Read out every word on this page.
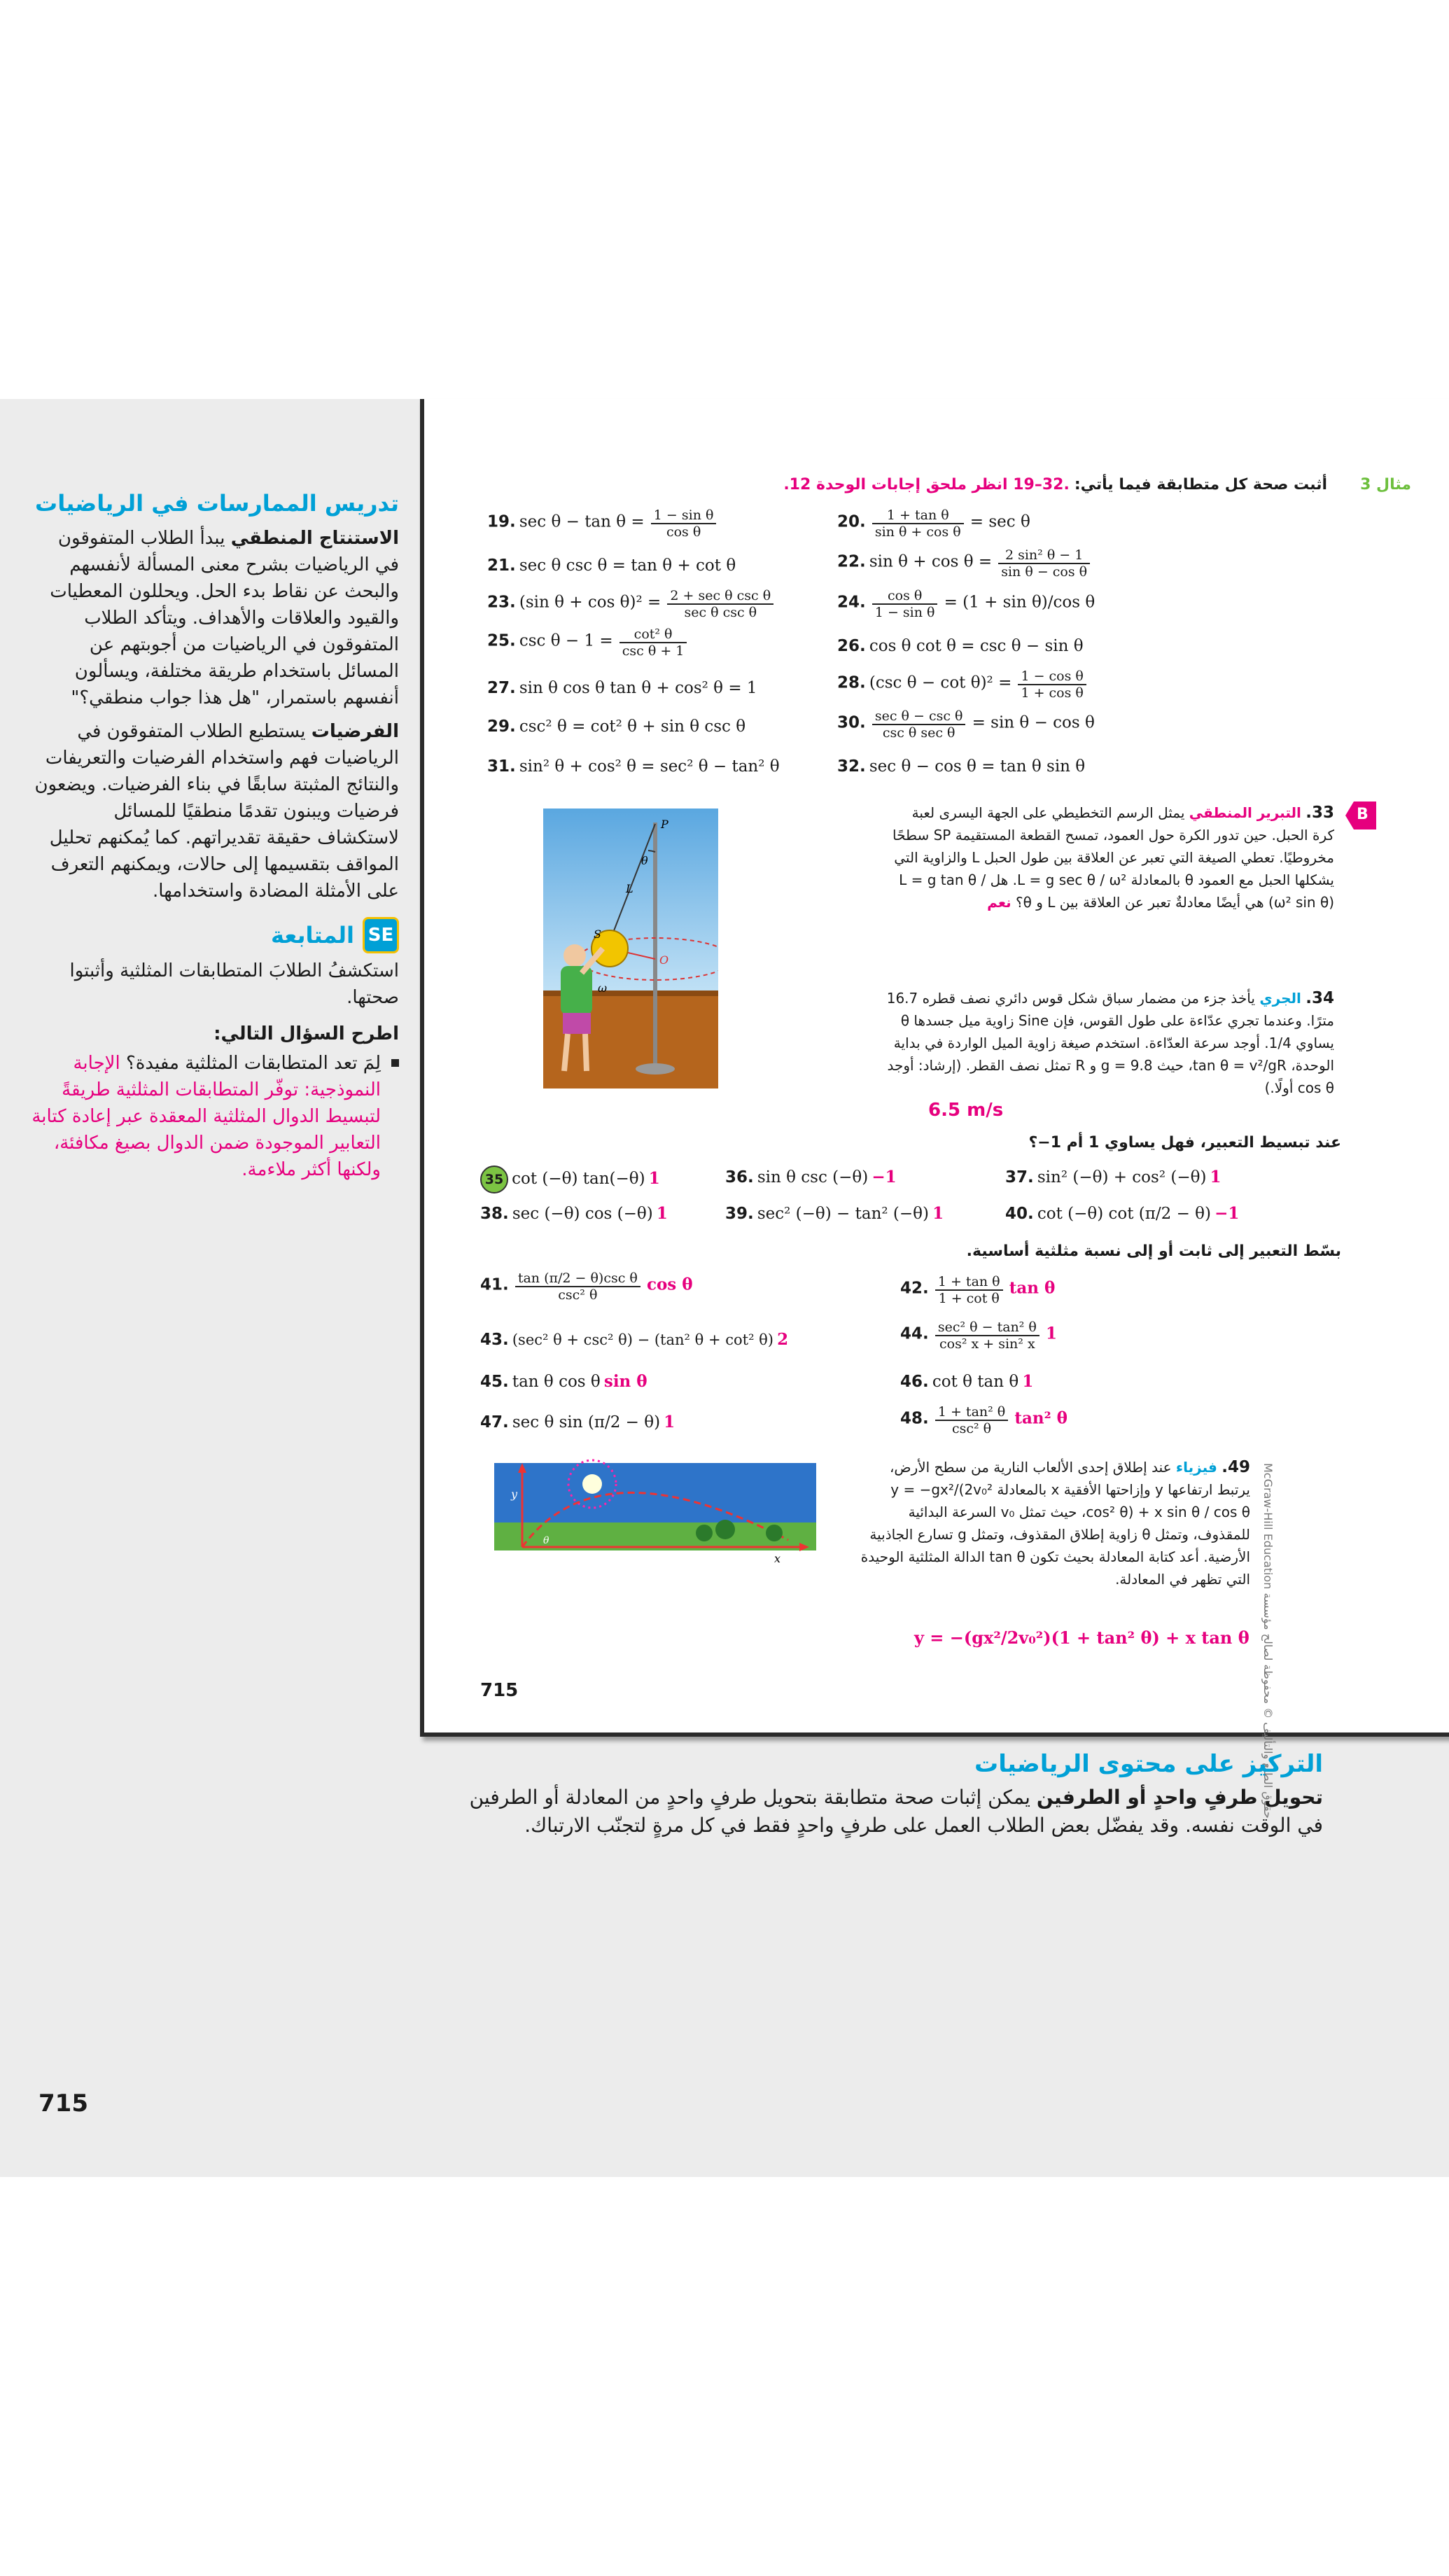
تدريس الممارسات في الرياضيات
الاستنتاج المنطقي يبدأ الطلاب المتفوقون في الرياضيات بشرح معنى المسألة لأنفسهم والبحث عن نقاط بدء الحل. ويحللون المعطيات والقيود والعلاقات والأهداف. ويتأكد الطلاب المتفوقون في الرياضيات من أجوبتهم عن المسائل باستخدام طريقة مختلفة، ويسألون أنفسهم باستمرار، "هل هذا جواب منطقي؟"
الفرضيات يستطيع الطلاب المتفوقون في الرياضيات فهم واستخدام الفرضيات والتعريفات والنتائج المثبتة سابقًا في بناء الفرضيات. ويضعون فرضيات ويبنون تقدمًا منطقيًا للمسائل لاستكشاف حقيقة تقديراتهم. كما يُمكنهم تحليل المواقف بتقسيمها إلى حالات، ويمكنهم التعرف على الأمثلة المضادة واستخدامها.
SE
المتابعة
استكشفُ الطلابَ المتطابقات المثلثية وأثبتوا صحتها.
اطرح السؤال التالي:
لِمَ تعد المتطابقات المثلثية مفيدة؟ الإجابة النموذجية: توفّر المتطابقات المثلثية طريقةً لتبسيط الدوال المثلثية المعقدة عبر إعادة كتابة التعابير الموجودة ضمن الدوال بصيغ مكافئة، ولكنها أكثر ملاءمة.
مثال 3 أثبت صحة كل متطابقة فيما يأتي: 19–32. انظر ملحق إجابات الوحدة 12.
19. $\sec \theta - \tan \theta = \frac{\text{1 − sin θ}}{\text{cos θ}}$	20. $\frac{\text{1 + tan θ}}{\text{sin θ + cos θ}} = \sec \theta$
21. sec θ csc θ = tan θ + cot θ	22. $\sin \theta + \cos \theta = \frac{\text{2 sin² θ − 1}}{\text{sin θ − cos θ}}$
23. (sin $\theta + \cos \theta)^2 = \frac{\text{2 + sec θ csc θ}}{\text{sec θ csc θ}}$	24. $\frac{\text{cos θ}}{\text{1 − sin θ}} = (1 + \sin \theta)/\cos$ θ
25. $\csc \theta - 1 = \frac{\text{cot² θ}}{\text{csc θ + 1}}$	26. cos θ cot θ = csc θ − sin θ
27. sin θ cos θ tan θ + cos² θ = 1	28. (csc $\theta - \cot \theta)^2 = \frac{\text{1 − cos θ}}{\text{1 + cos θ}}$
29. csc² θ = cot² θ + sin θ csc θ	30. $\frac{\text{sec θ − csc θ}}{\text{csc θ sec θ}} = \sin \theta - \cos \theta$
31. sin² θ + cos² θ = sec² θ − tan² θ	32. sec θ − cos θ = tan θ sin θ
P
L
S
θ
ω
O
33. التبرير المنطقي يمثل الرسم التخطيطي على الجهة اليسرى لعبة كرة الحبل. حين تدور الكرة حول العمود، تمسح القطعة المستقيمة SP سطحًا مخروطيًا. تعطي الصيغة التي تعبر عن العلاقة بين طول الحبل L والزاوية التي يشكلها الحبل مع العمود θ بالمعادلة L = g sec θ / ω². هل L = g tan θ / (ω² sin θ) هي أيضًا معادلةٌ تعبر عن العلاقة بين L و θ؟ نعم
B
34. الجري يأخذ جزء من مضمار سباق شكل قوس دائري نصف قطره 16.7 مترًا. وعندما تجري عدّاءة على طول القوس، فإن Sine زاوية ميل جسدها θ يساوي 1/4. أوجد سرعة العدّاءة. استخدم صيغة زاوية الميل الواردة في بداية الوحدة، tan θ = v²/gR، حيث g = 9.8 و R تمثل نصف القطر. (إرشاد: أوجد cos θ أولًا.)
6.5 m/s
عند تبسيط التعبير، فهل يساوي 1 أم 1−؟
35 cot (−θ) tan(−θ) 1	36. sin θ csc (−θ) −1	37. sin² (−θ) + cos² (−θ) 1
38. sec (−θ) cos (−θ) 1	39. sec² (−θ) − tan² (−θ) 1	40. cot (−θ) cot (π/2 − θ) −1
بسّط التعبير إلى ثابت أو إلى نسبة مثلثية أساسية.
41. $\frac{\text{tan (π/2 − θ)csc θ}}{\text{csc² θ}}$ cos θ	42. $\frac{\text{1 + tan θ}}{\text{1 + cot θ}}$ tan θ
43. (sec² θ + csc² θ) − (tan² θ + cot² θ) 2	44. $\frac{\text{sec² θ − tan² θ}}{\text{cos² x + sin² x}} 1$
45. tan θ cos θ sin θ	46. cot θ tan θ 1
47. sec θ sin (π/2 − θ) 1	48. $\frac{\text{1 + tan² θ}}{\text{csc² θ}} \tan^2$ θ
y
x
θ
49. فيزياء عند إطلاق إحدى الألعاب النارية من سطح الأرض، يرتبط ارتفاعها y وإزاحتها الأفقية x بالمعادلة y = −gx²/(2v₀² cos² θ) + x sin θ / cos θ، حيث تمثل v₀ السرعة البدائية للمقذوف، وتمثل θ زاوية إطلاق المقذوف، وتمثل g تسارع الجاذبية الأرضية. أعد كتابة المعادلة بحيث تكون tan θ الدالة المثلثية الوحيدة التي تظهر في المعادلة.
y = −(gx²/2v₀²)(1 + tan² θ) + x tan θ
715
حقوق الطبع والتأليف © محفوظة لصالح مؤسسة McGraw-Hill Education
التركيز على محتوى الرياضيات
تحويل طرفٍ واحدٍ أو الطرفين يمكن إثبات صحة متطابقة بتحويل طرفٍ واحدٍ من المعادلة أو الطرفين في الوقت نفسه. وقد يفضّل بعض الطلاب العمل على طرفٍ واحدٍ فقط في كل مرةٍ لتجنّب الارتباك.
715
